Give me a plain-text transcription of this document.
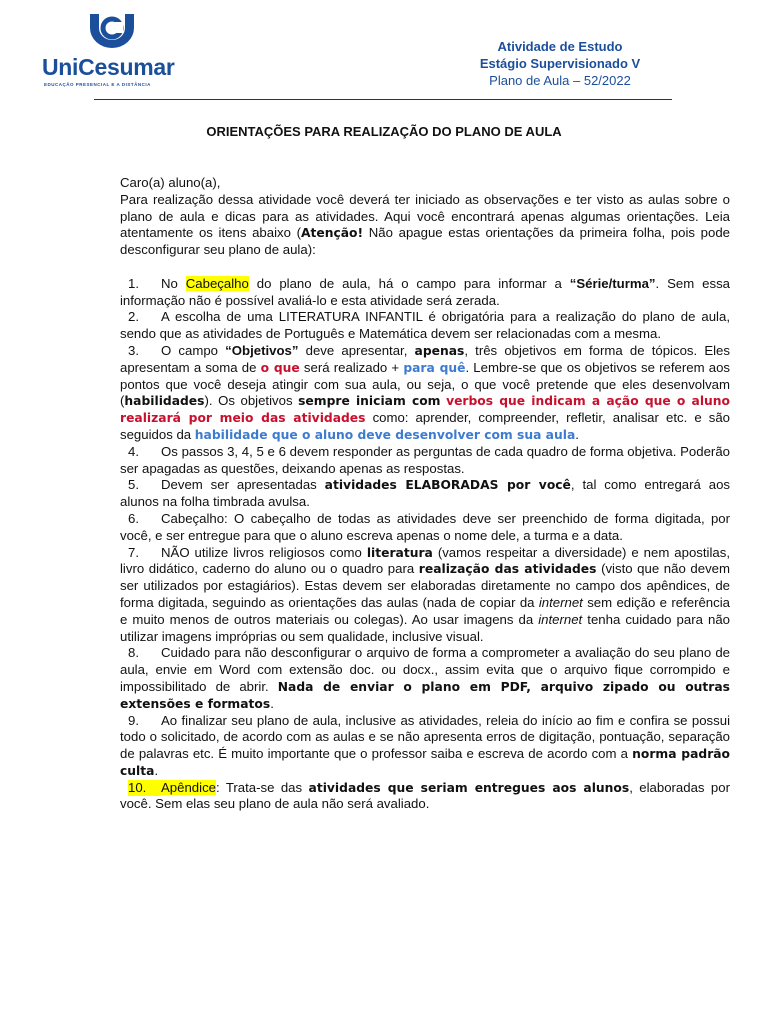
UniCesumar
EDUCAÇÃO PRESENCIAL E A DISTÂNCIA
Atividade de Estudo
Estágio Supervisionado V
Plano de Aula – 52/2022
ORIENTAÇÕES PARA REALIZAÇÃO DO PLANO DE AULA

Caro(a) aluno(a),

Para realização dessa atividade você deverá ter iniciado as observações e ter visto as aulas sobre o plano de aula e dicas para as atividades. Aqui você encontrará apenas algumas orientações. Leia atentamente os itens abaixo (Atenção! Não apague estas orientações da primeira folha, pois pode desconfigurar seu plano de aula):

1. No Cabeçalho do plano de aula, há o campo para informar a “Série/turma”. Sem essa informação não é possível avaliá-lo e esta atividade será zerada.

2. A escolha de uma LITERATURA INFANTIL é obrigatória para a realização do plano de aula, sendo que as atividades de Português e Matemática devem ser relacionadas com a mesma.

3. O campo “Objetivos” deve apresentar, apenas, três objetivos em forma de tópicos. Eles apresentam a soma de o que será realizado + para quê. Lembre-se que os objetivos se referem aos pontos que você deseja atingir com sua aula, ou seja, o que você pretende que eles desenvolvam (habilidades). Os objetivos sempre iniciam com verbos que indicam a ação que o aluno realizará por meio das atividades como: aprender, compreender, refletir, analisar etc. e são seguidos da habilidade que o aluno deve desenvolver com sua aula.

4. Os passos 3, 4, 5 e 6 devem responder as perguntas de cada quadro de forma objetiva. Poderão ser apagadas as questões, deixando apenas as respostas.

5. Devem ser apresentadas atividades ELABORADAS por você, tal como entregará aos alunos na folha timbrada avulsa.

6. Cabeçalho: O cabeçalho de todas as atividades deve ser preenchido de forma digitada, por você, e ser entregue para que o aluno escreva apenas o nome dele, a turma e a data.

7. NÃO utilize livros religiosos como literatura (vamos respeitar a diversidade) e nem apostilas, livro didático, caderno do aluno ou o quadro para realização das atividades (visto que não devem ser utilizados por estagiários). Estas devem ser elaboradas diretamente no campo dos apêndices, de forma digitada, seguindo as orientações das aulas (nada de copiar da internet sem edição e referência e muito menos de outros materiais ou colegas). Ao usar imagens da internet tenha cuidado para não utilizar imagens impróprias ou sem qualidade, inclusive visual.

8. Cuidado para não desconfigurar o arquivo de forma a comprometer a avaliação do seu plano de aula, envie em Word com extensão doc. ou docx., assim evita que o arquivo fique corrompido e impossibilitado de abrir. Nada de enviar o plano em PDF, arquivo zipado ou outras extensões e formatos.

9. Ao finalizar seu plano de aula, inclusive as atividades, releia do início ao fim e confira se possui todo o solicitado, de acordo com as aulas e se não apresenta erros de digitação, pontuação, separação de palavras etc. É muito importante que o professor saiba e escreva de acordo com a norma padrão culta.

10. Apêndice: Trata-se das atividades que seriam entregues aos alunos, elaboradas por você. Sem elas seu plano de aula não será avaliado.
